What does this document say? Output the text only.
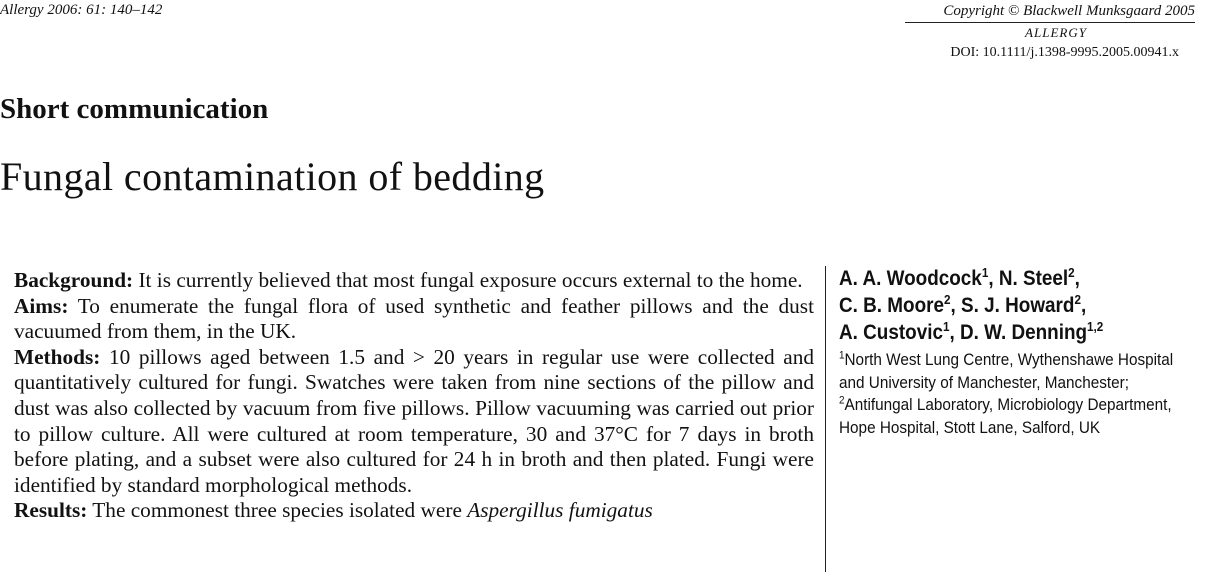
Allergy 2006: 61: 140–142	Copyright © Blackwell Munksgaard 2005
ALLERGY
DOI: 10.1111/j.1398-9995.2005.00941.x
Short communication
Fungal contamination of bedding

Background: It is currently believed that most fungal exposure occurs external to the home.

Aims: To enumerate the fungal flora of used synthetic and feather pillows and the dust vacuumed from them, in the UK.

Methods: 10 pillows aged between 1.5 and > 20 years in regular use were collected and quantitatively cultured for fungi. Swatches were taken from nine sections of the pillow and dust was also collected by vacuum from five pillows. Pillow vacuuming was carried out prior to pillow culture. All were cultured at room temperature, 30 and 37°C for 7 days in broth before plating, and a subset were also cultured for 24 h in broth and then plated. Fungi were identified by standard morphological methods.

Results: The commonest three species isolated were Aspergillus fumigatus

A. A. Woodcock$^1$, N. Steel$^2$,
C. B. Moore$^2$, S. J. Howard$^2$,
A. Custovic$^1$, D. W. Denning$^{1,2}$
$^1$North West Lung Centre, Wythenshawe Hospital and University of Manchester, Manchester;
$^2$Antifungal Laboratory, Microbiology Department, Hope Hospital, Stott Lane, Salford, UK
